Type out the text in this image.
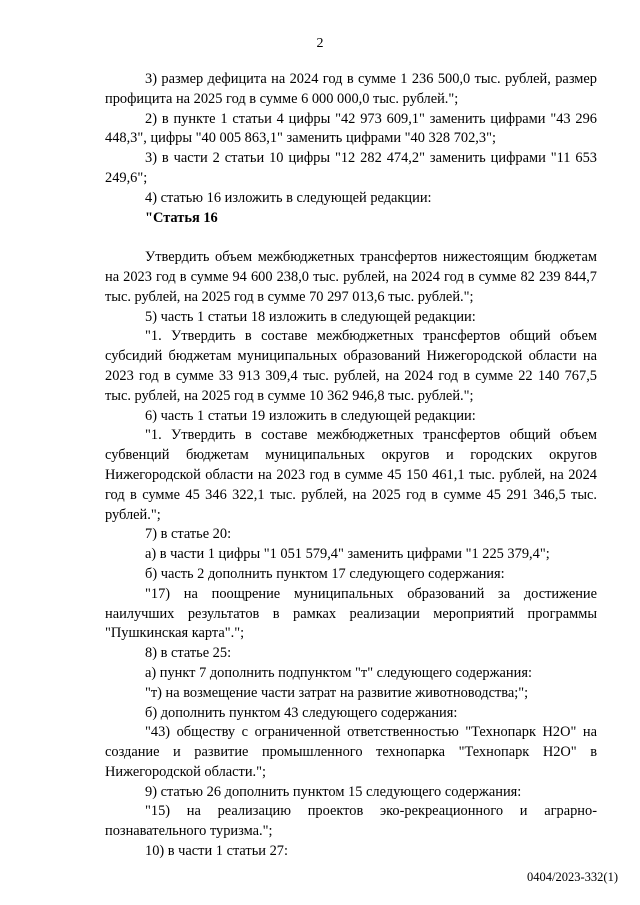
2

3) размер дефицита на 2024 год в сумме 1 236 500,0 тыс. рублей, размер профицита на 2025 год в сумме 6 000 000,0 тыс. рублей.";

2) в пункте 1 статьи 4 цифры "42 973 609,1" заменить цифрами "43 296 448,3", цифры "40 005 863,1" заменить цифрами "40 328 702,3";

3) в части 2 статьи 10 цифры "12 282 474,2" заменить цифрами "11 653 249,6";

4) статью 16 изложить в следующей редакции:

"Статья 16

Утвердить объем межбюджетных трансфертов нижестоящим бюджетам на 2023 год в сумме 94 600 238,0 тыс. рублей, на 2024 год в сумме 82 239 844,7 тыс. рублей, на 2025 год в сумме 70 297 013,6 тыс. рублей.";

5) часть 1 статьи 18 изложить в следующей редакции:

"1. Утвердить в составе межбюджетных трансфертов общий объем субсидий бюджетам муниципальных образований Нижегородской области на 2023 год в сумме 33 913 309,4 тыс. рублей, на 2024 год в сумме 22 140 767,5 тыс. рублей, на 2025 год в сумме 10 362 946,8 тыс. рублей.";

6) часть 1 статьи 19 изложить в следующей редакции:

"1. Утвердить в составе межбюджетных трансфертов общий объем субвенций бюджетам муниципальных округов и городских округов Нижегородской области на 2023 год в сумме 45 150 461,1 тыс. рублей, на 2024 год в сумме 45 346 322,1 тыс. рублей, на 2025 год в сумме 45 291 346,5 тыс. рублей.";

7) в статье 20:

а) в части 1 цифры "1 051 579,4" заменить цифрами "1 225 379,4";

б) часть 2 дополнить пунктом 17 следующего содержания:

"17) на поощрение муниципальных образований за достижение наилучших результатов в рамках реализации мероприятий программы "Пушкинская карта".";

8) в статье 25:

а) пункт 7 дополнить подпунктом "т" следующего содержания:

"т) на возмещение части затрат на развитие животноводства;";

б) дополнить пунктом 43 следующего содержания:

"43) обществу с ограниченной ответственностью "Технопарк H2O" на создание и развитие промышленного технопарка "Технопарк H2O" в Нижегородской области.";

9) статью 26 дополнить пунктом 15 следующего содержания:

"15) на реализацию проектов эко-рекреационного и аграрно-познавательного туризма.";

10) в части 1 статьи 27:

0404/2023-332(1)
